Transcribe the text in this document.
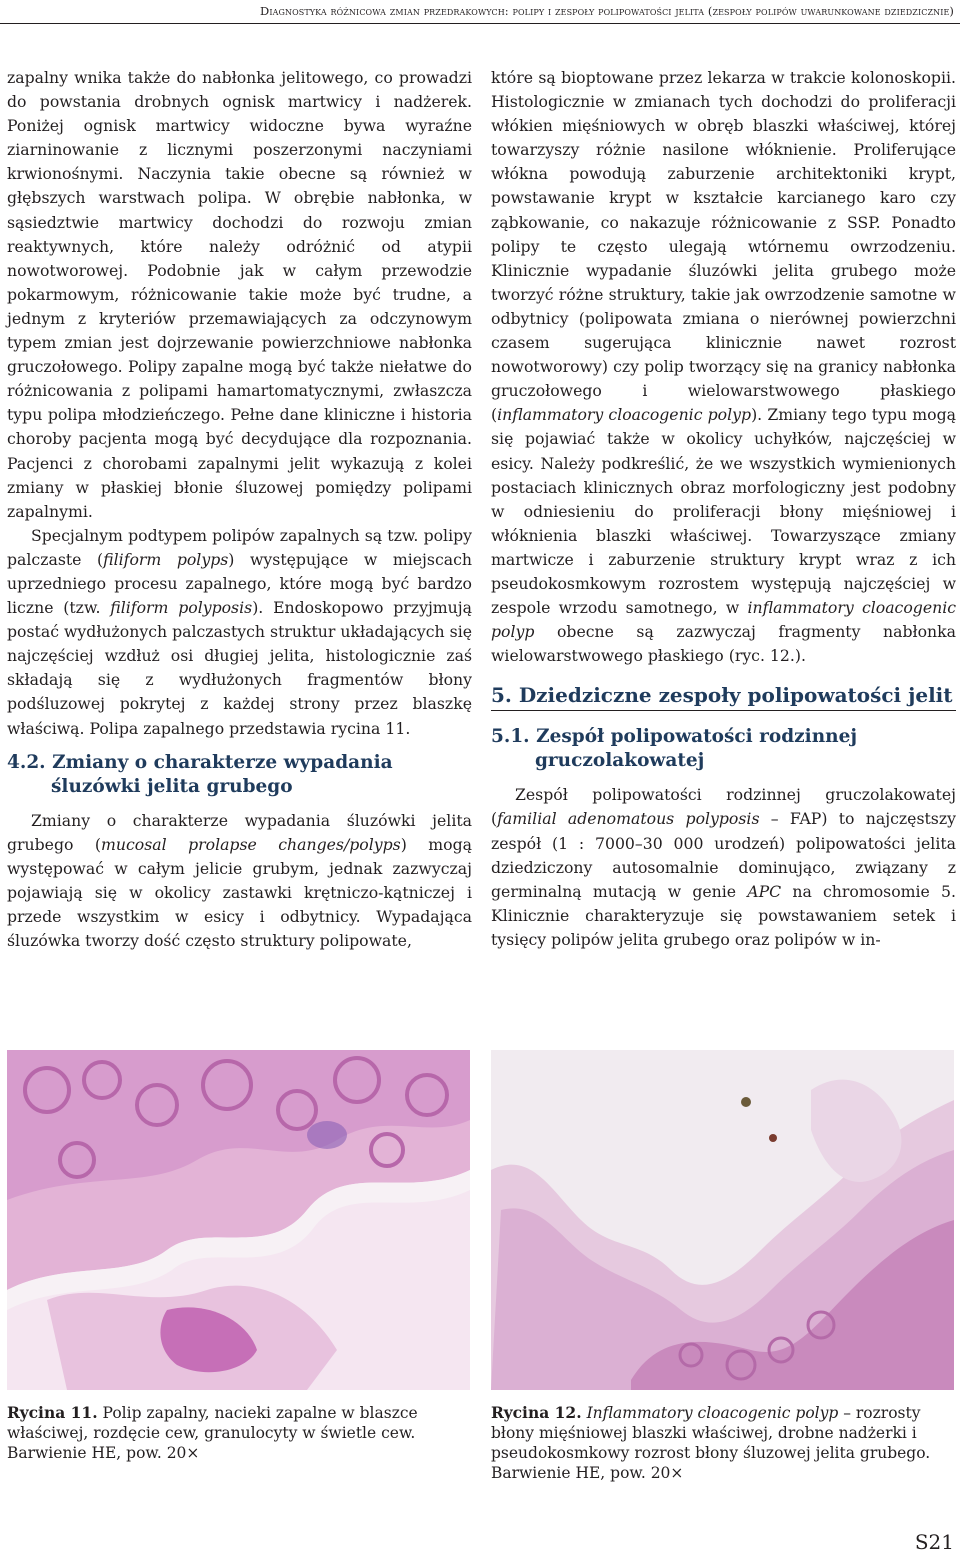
Diagnostyka różnicowa zmian przedrakowych: polipy i zespoły polipowatości jelita (zespoły polipów uwarunkowane dziedzicznie)

zapalny wnika także do nabłonka jelitowego, co prowadzi do powstania drobnych ognisk martwicy i nadżerek. Poniżej ognisk martwicy widoczne bywa wyraźne ziarninowanie z licznymi poszerzonymi naczyniami krwionośnymi. Naczynia takie obecne są również w głębszych warstwach polipa. W obrębie nabłonka, w sąsiedztwie martwicy dochodzi do rozwoju zmian reaktywnych, które należy odróżnić od atypii nowotworowej. Podobnie jak w całym przewodzie pokarmowym, różnicowanie takie może być trudne, a jednym z kryteriów przemawiających za odczynowym typem zmian jest dojrzewanie powierzchniowe nabłonka gruczołowego. Polipy zapalne mogą być także niełatwe do różnicowania z polipami hamartomatycznymi, zwłaszcza typu polipa młodzieńczego. Pełne dane kliniczne i historia choroby pacjenta mogą być decydujące dla rozpoznania. Pacjenci z chorobami zapalnymi jelit wykazują z kolei zmiany w płaskiej błonie śluzowej pomiędzy polipami zapalnymi.

Specjalnym podtypem polipów zapalnych są tzw. polipy palczaste (filiform polyps) występujące w miejscach uprzedniego procesu zapalnego, które mogą być bardzo liczne (tzw. filiform polyposis). Endoskopowo przyjmują postać wydłużonych palczastych struktur układających się najczęściej wzdłuż osi długiej jelita, histologicznie zaś składają się z wydłużonych fragmentów błony podśluzowej pokrytej z każdej strony przez blaszkę właściwą. Polipa zapalnego przedstawia rycina 11.

4.2. Zmiany o charakterze wypadania śluzówki jelita grubego

Zmiany o charakterze wypadania śluzówki jelita grubego (mucosal prolapse changes/polyps) mogą występować w całym jelicie grubym, jednak zazwyczaj pojawiają się w okolicy zastawki krętniczo-kątniczej i przede wszystkim w esicy i odbytnicy. Wypadająca śluzówka tworzy dość często struktury polipowate,

które są bioptowane przez lekarza w trakcie kolonoskopii. Histologicznie w zmianach tych dochodzi do proliferacji włókien mięśniowych w obręb blaszki właściwej, której towarzyszy różnie nasilone włóknienie. Proliferujące włókna powodują zaburzenie architektoniki krypt, powstawanie krypt w kształcie karcianego karo czy ząbkowanie, co nakazuje różnicowanie z SSP. Ponadto polipy te często ulegają wtórnemu owrzodzeniu. Klinicznie wypadanie śluzówki jelita grubego może tworzyć różne struktury, takie jak owrzodzenie samotne w odbytnicy (polipowata zmiana o nierównej powierzchni czasem sugerująca klinicznie nawet rozrost nowotworowy) czy polip tworzący się na granicy nabłonka gruczołowego i wielowarstwowego płaskiego (inflammatory cloacogenic polyp). Zmiany tego typu mogą się pojawiać także w okolicy uchyłków, najczęściej w esicy. Należy podkreślić, że we wszystkich wymienionych postaciach klinicznych obraz morfologiczny jest podobny w odniesieniu do proliferacji błony mięśniowej i włóknienia blaszki właściwej. Towarzyszące zmiany martwicze i zaburzenie struktury krypt wraz z ich pseudokosmkowym rozrostem występują najczęściej w zespole wrzodu samotnego, w inflammatory cloacogenic polyp obecne są zazwyczaj fragmenty nabłonka wielowarstwowego płaskiego (ryc. 12.).

5. Dziedziczne zespoły polipowatości jelit
5.1. Zespół polipowatości rodzinnej gruczolakowatej

Zespół polipowatości rodzinnej gruczolakowatej (familial adenomatous polyposis – FAP) to najczęstszy zespół (1 : 7000–30 000 urodzeń) polipowatości jelita dziedziczony autosomalnie dominująco, związany z germinalną mutacją w genie APC na chromosomie 5. Klinicznie charakteryzuje się powstawaniem setek i tysięcy polipów jelita grubego oraz polipów w in-

Rycina 11. Polip zapalny, nacieki zapalne w blaszce właściwej, rozdęcie cew, granulocyty w świetle cew. Barwienie HE, pow. 20×
Rycina 12. Inflammatory cloacogenic polyp – rozrosty błony mięśniowej blaszki właściwej, drobne nadżerki i pseudokosmkowy rozrost błony śluzowej jelita grubego. Barwienie HE, pow. 20×
S21
